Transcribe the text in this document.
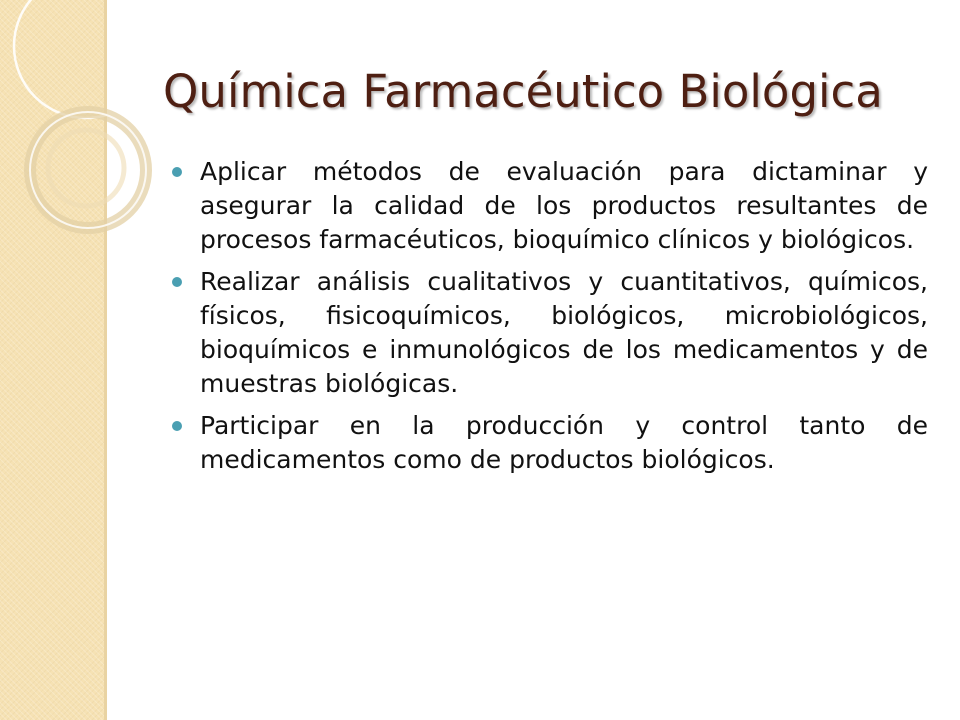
Química Farmacéutico Biológica
Aplicar métodos de evaluación para dictaminar y asegurar la calidad de los productos resultantes de procesos farmacéuticos, bioquímico clínicos y biológicos.
Realizar análisis cualitativos y cuantitativos, químicos, físicos, fisicoquímicos, biológicos, microbiológicos, bioquímicos e inmunológicos de los medicamentos y de muestras biológicas.
Participar en la producción y control tanto de medicamentos como de productos biológicos.
